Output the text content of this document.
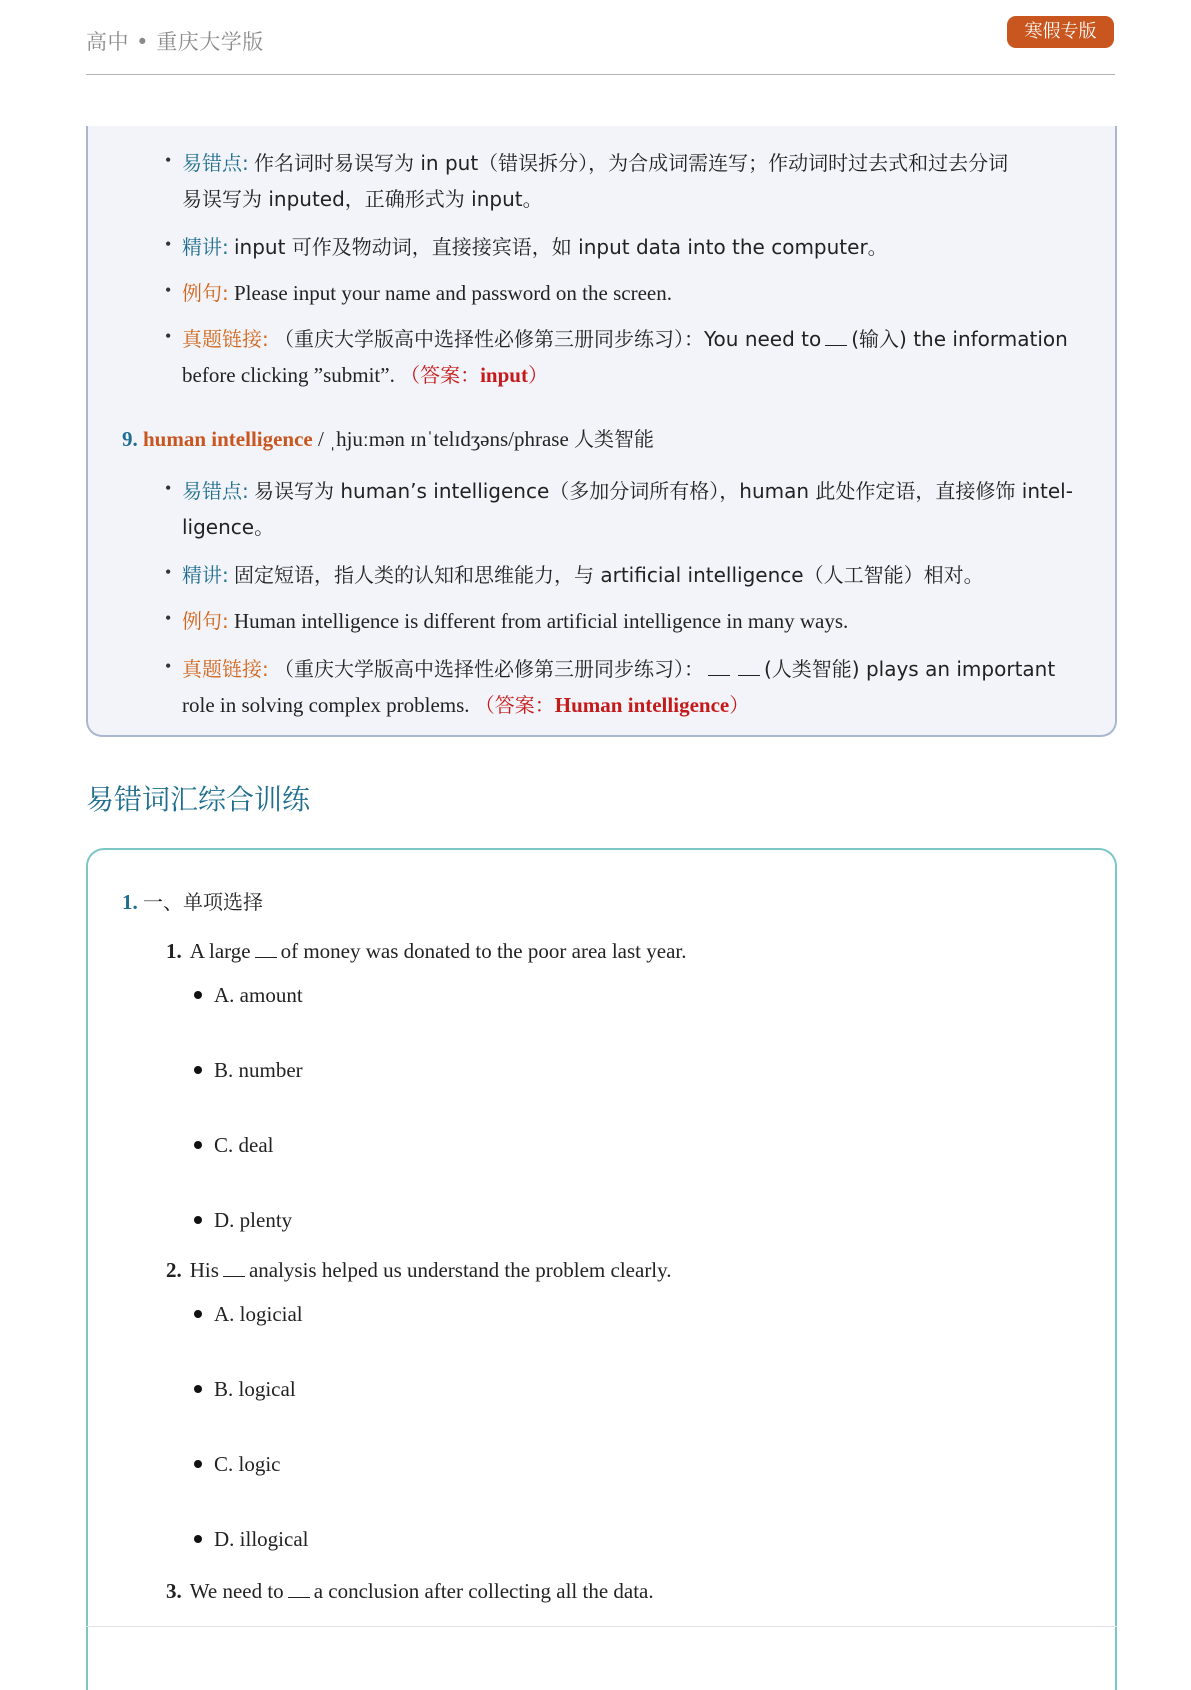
高中 • 重庆大学版	寒假专版
• 易错点: 作名词时易误写为 in put（错误拆分），为合成词需连写；作动词时过去式和过去分词
易误写为 inputed，正确形式为 input。
• 精讲: input 可作及物动词，直接接宾语，如 input data into the computer。
• 例句: Please input your name and password on the screen.
• 真题链接: （重庆大学版高中选择性必修第三册同步练习）：You need to (输入) the information
before clicking ”submit”. （答案：input）
9. human intelligence / ˌhjuːmən ɪnˈtelɪdʒəns/phrase 人类智能
• 易错点: 易误写为 human’s intelligence（多加分词所有格），human 此处作定语，直接修饰 intel-
ligence。
• 精讲: 固定短语，指人类的认知和思维能力，与 artificial intelligence（人工智能）相对。
• 例句: Human intelligence is different from artificial intelligence in many ways.
• 真题链接: （重庆大学版高中选择性必修第三册同步练习）：	(人类智能) plays an important
role in solving complex problems. （答案：Human intelligence）
易错词汇综合训练
1. 一、单项选择
1. A large of money was donated to the poor area last year.
A. amount
B. number
C. deal
D. plenty
2. His analysis helped us understand the problem clearly.
A. logicial
B. logical
C. logic
D. illogical
3. We need to a conclusion after collecting all the data.
